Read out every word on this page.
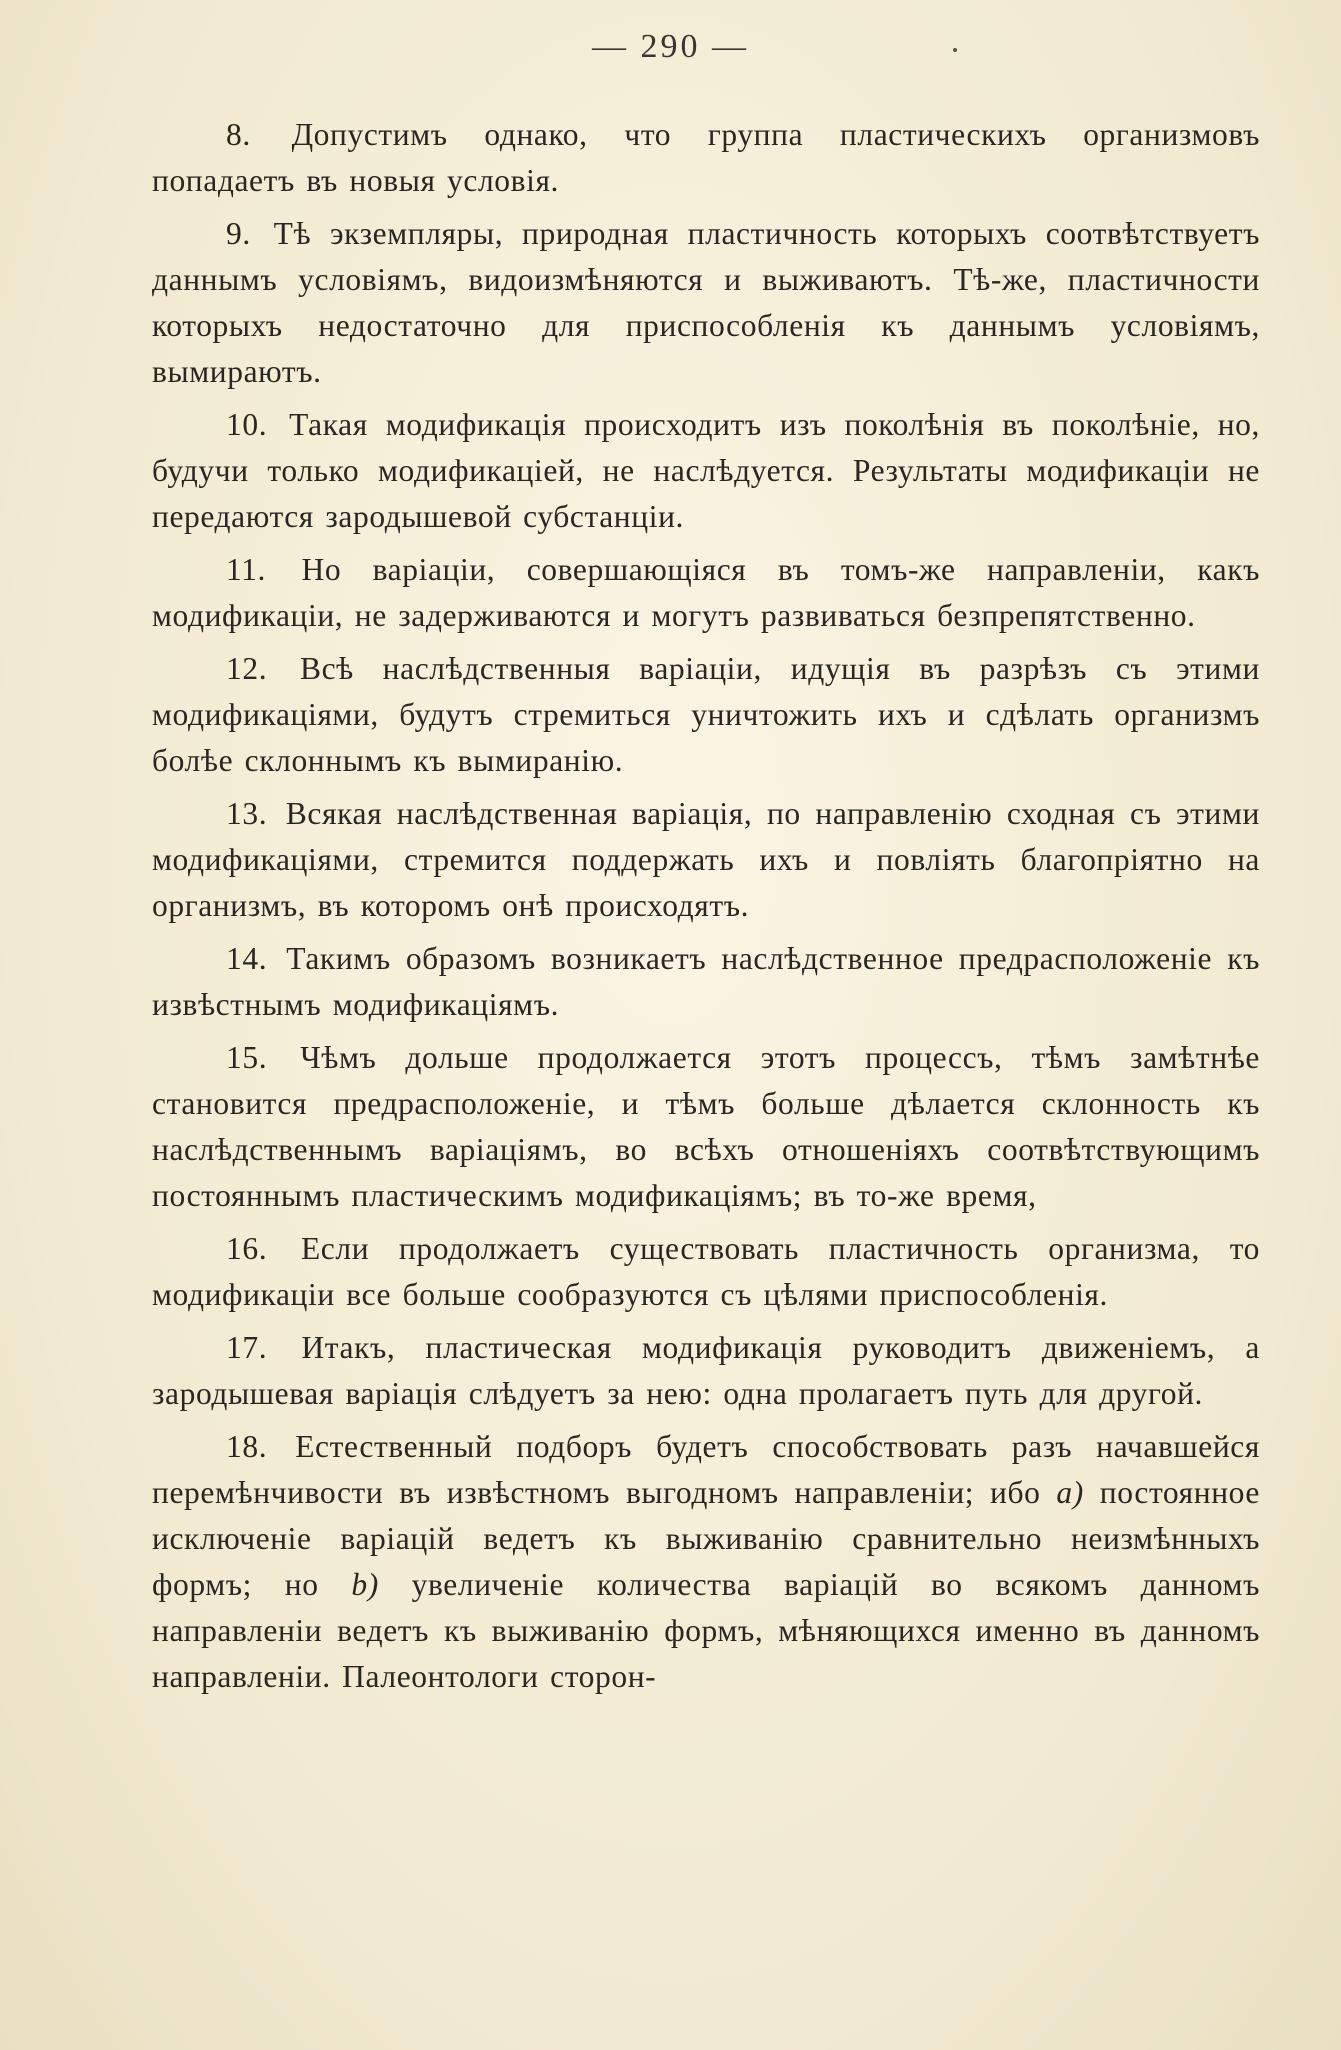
— 290 —

8. Допустимъ однако, что группа пластическихъ организмовъ попадаетъ въ новыя условія.

9. Тѣ экземпляры, природная пластичность которыхъ соотвѣтствуетъ даннымъ условіямъ, видоизмѣняются и выживаютъ. Тѣ-же, пластичности которыхъ недостаточно для приспособленія къ даннымъ условіямъ, вымираютъ.

10. Такая модификація происходитъ изъ поколѣнія въ поколѣніе, но, будучи только модификаціей, не наслѣдуется. Результаты модификаціи не передаются зародышевой субстанціи.

11. Но варіаціи, совершающіяся въ томъ-же направленіи, какъ модификаціи, не задерживаются и могутъ развиваться безпрепятственно.

12. Всѣ наслѣдственныя варіаціи, идущія въ разрѣзъ съ этими модификаціями, будутъ стремиться уничтожить ихъ и сдѣлать организмъ болѣе склоннымъ къ вымиранію.

13. Всякая наслѣдственная варіація, по направленію сходная съ этими модификаціями, стремится поддержать ихъ и повліять благопріятно на организмъ, въ которомъ онѣ происходятъ.

14. Такимъ образомъ возникаетъ наслѣдственное предрасположеніе къ извѣстнымъ модификаціямъ.

15. Чѣмъ дольше продолжается этотъ процессъ, тѣмъ замѣтнѣе становится предрасположеніе, и тѣмъ больше дѣлается склонность къ наслѣдственнымъ варіаціямъ, во всѣхъ отношеніяхъ соотвѣтствующимъ постояннымъ пластическимъ модификаціямъ; въ то-же время,

16. Если продолжаетъ существовать пластичность организма, то модификаціи все больше сообразуются съ цѣлями приспособленія.

17. Итакъ, пластическая модификація руководитъ движеніемъ, а зародышевая варіація слѣдуетъ за нею: одна пролагаетъ путь для другой.

18. Естественный подборъ будетъ способствовать разъ начавшейся перемѣнчивости въ извѣстномъ выгодномъ направленіи; ибо a) постоянное исключеніе варіацій ведетъ къ выживанію сравнительно неизмѣнныхъ формъ; но b) увеличеніе количества варіацій во всякомъ данномъ направленіи ведетъ къ выживанію формъ, мѣняющихся именно въ данномъ направленіи. Палеонтологи сторон-
